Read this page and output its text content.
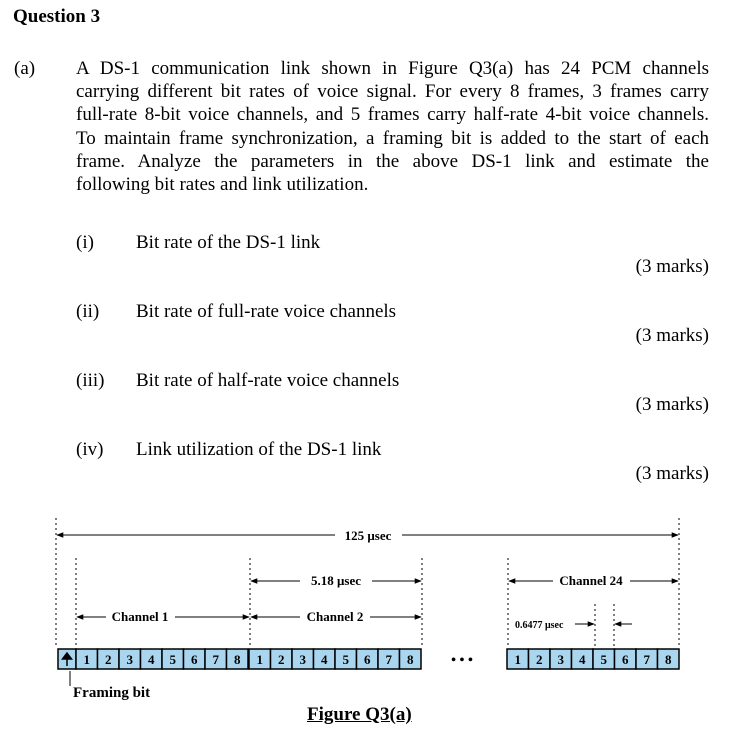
Question 3
(a) A DS-1 communication link shown in Figure Q3(a) has 24 PCM channels
carrying different bit rates of voice signal. For every 8 frames, 3 frames carry
full-rate 8-bit voice channels, and 5 frames carry half-rate 4-bit voice channels.
To maintain frame synchronization, a framing bit is added to the start of each
frame. Analyze the parameters in the above DS-1 link and estimate the
following bit rates and link utilization.
(i) Bit rate of the DS-1 link
(3 marks)
(ii) Bit rate of full-rate voice channels
(3 marks)
(iii) Bit rate of half-rate voice channels
(3 marks)
(iv) Link utilization of the DS-1 link
(3 marks)
125 μsec
5.18 μsec	Channel 24
Channel 1	Channel 2
0.6477 μsec
1 2 3 4 5 6 7 8 1 2 3 4 5 6 7 8	1 2 3 4 5 6 7 8
• • •
Framing bit
Figure Q3(a)
